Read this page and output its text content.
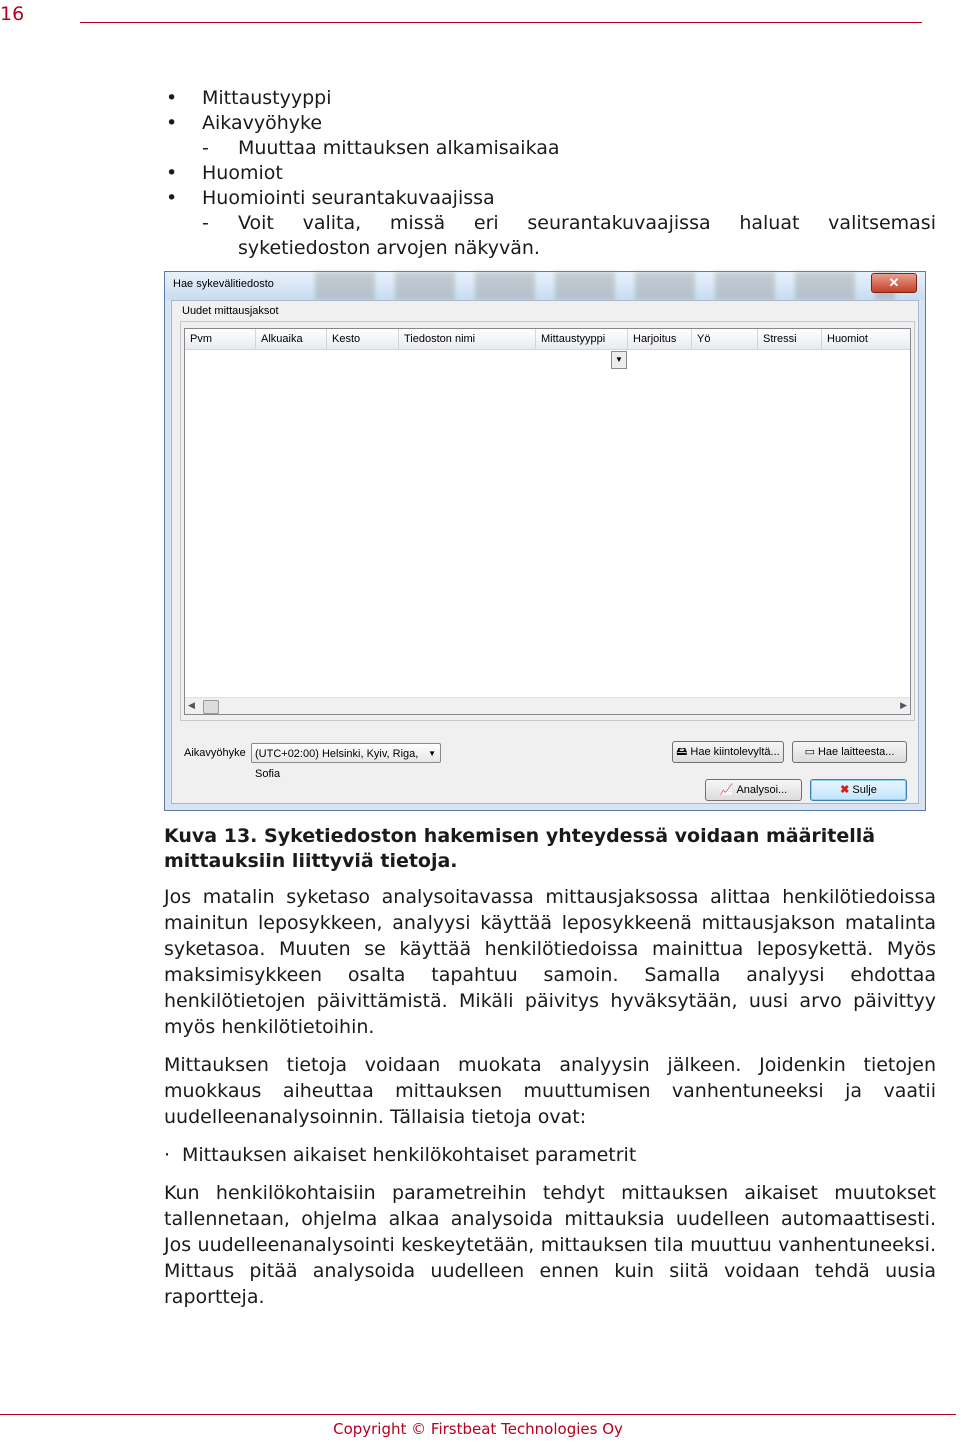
16
•	Mittaustyyppi
•	Aikavyöhyke
-	Muuttaa mittauksen alkamisaikaa
•	Huomiot
•	Huomiointi seurantakuvaajissa
-	Voit valita, missä eri seurantakuvaajissa haluat valitsemasi syketiedoston arvojen näkyvän.
Hae sykevälitiedosto	✕
Uudet mittausjaksot
Pvm	Alkuaika	Kesto	Tiedoston nimi	Mittaustyyppi	Harjoitus	Yö	Stressi	Huomiot
▼
◀	▶
Aikavyöhyke (UTC+02:00) Helsinki, Kyiv, Riga, Sofia
▼	🖴 Hae kiintolevyltä...	▭ Hae laitteesta...
📈 Analysoi...	✖ Sulje
Kuva 13. Syketiedoston hakemisen yhteydessä voidaan määritellä mittauksiin liittyviä tietoja.
Jos matalin syketaso analysoitavassa mittausjaksossa alittaa henkilötiedoissa mainitun leposykkeen, analyysi käyttää leposykkeenä mittausjakson matalinta syketasoa. Muuten se käyttää henkilötiedoissa mainittua leposykettä. Myös maksimisykkeen osalta tapahtuu samoin. Samalla analyysi ehdottaa henkilötietojen päivittämistä. Mikäli päivitys hyväksytään, uusi arvo päivittyy myös henkilötietoihin.
Mittauksen tietoja voidaan muokata analyysin jälkeen. Joidenkin tietojen muokkaus aiheuttaa mittauksen muuttumisen vanhentuneeksi ja vaatii uudelleenanalysoinnin. Tällaisia tietoja ovat:
· Mittauksen aikaiset henkilökohtaiset parametrit
Kun henkilökohtaisiin parametreihin tehdyt mittauksen aikaiset muutokset tallennetaan, ohjelma alkaa analysoida mittauksia uudelleen automaattisesti. Jos uudelleenanalysointi keskeytetään, mittauksen tila muuttuu vanhentuneeksi. Mittaus pitää analysoida uudelleen ennen kuin siitä voidaan tehdä uusia raportteja.
Copyright © Firstbeat Technologies Oy
